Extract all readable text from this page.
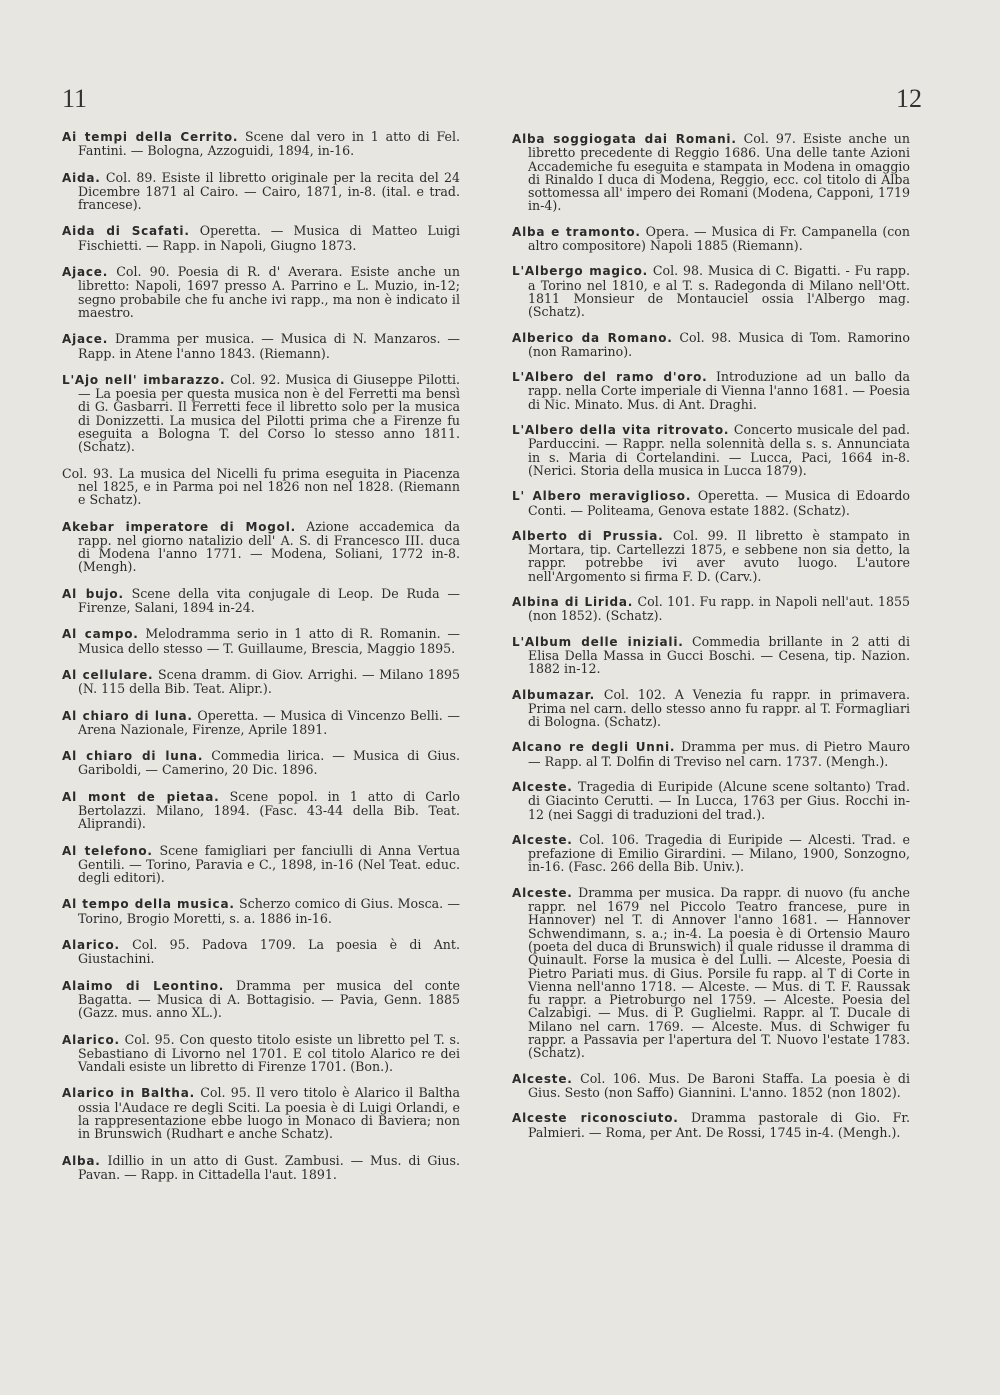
11	12

Ai tempi della Cerrito. Scene dal vero in 1 atto di Fel. Fantini. — Bologna, Azzoguidi, 1894, in-16.

Aida. Col. 89. Esiste il libretto originale per la recita del 24 Dicembre 1871 al Cairo. — Cairo, 1871, in-8. (ital. e trad. francese).

Aida di Scafati. Operetta. — Musica di Matteo Luigi Fischietti. — Rapp. in Napoli, Giugno 1873.

Ajace. Col. 90. Poesia di R. d' Averara. Esiste anche un libretto: Napoli, 1697 presso A. Parrino e L. Muzio, in-12; segno probabile che fu anche ivi rapp., ma non è indicato il maestro.

Ajace. Dramma per musica. — Musica di N. Manzaros. — Rapp. in Atene l'anno 1843. (Riemann).

L'Ajo nell' imbarazzo. Col. 92. Musica di Giuseppe Pilotti. — La poesia per questa musica non è del Ferretti ma bensì di G. Gasbarri. Il Ferretti fece il libretto solo per la musica di Donizzetti. La musica del Pilotti prima che a Firenze fu eseguita a Bologna T. del Corso lo stesso anno 1811. (Schatz).

Col. 93. La musica del Nicelli fu prima eseguita in Piacenza nel 1825, e in Parma poi nel 1826 non nel 1828. (Riemann e Schatz).

Akebar imperatore di Mogol. Azione accademica da rapp. nel giorno natalizio dell' A. S. di Francesco III. duca di Modena l'anno 1771. — Modena, Soliani, 1772 in-8. (Mengh).

Al bujo. Scene della vita conjugale di Leop. De Ruda — Firenze, Salani, 1894 in-24.

Al campo. Melodramma serio in 1 atto di R. Romanin. — Musica dello stesso — T. Guillaume, Brescia, Maggio 1895.

Al cellulare. Scena dramm. di Giov. Arrighi. — Milano 1895 (N. 115 della Bib. Teat. Alipr.).

Al chiaro di luna. Operetta. — Musica di Vincenzo Belli. — Arena Nazionale, Firenze, Aprile 1891.

Al chiaro di luna. Commedia lirica. — Musica di Gius. Gariboldi, — Camerino, 20 Dic. 1896.

Al mont de pietaa. Scene popol. in 1 atto di Carlo Bertolazzi. Milano, 1894. (Fasc. 43-44 della Bib. Teat. Aliprandi).

Al telefono. Scene famigliari per fanciulli di Anna Vertua Gentili. — Torino, Paravia e C., 1898, in-16 (Nel Teat. educ. degli editori).

Al tempo della musica. Scherzo comico di Gius. Mosca. — Torino, Brogio Moretti, s. a. 1886 in-16.

Alarico. Col. 95. Padova 1709. La poesia è di Ant. Giustachini.

Alaimo di Leontino. Dramma per musica del conte Bagatta. — Musica di A. Bottagisio. — Pavia, Genn. 1885 (Gazz. mus. anno XL.).

Alarico. Col. 95. Con questo titolo esiste un libretto pel T. s. Sebastiano di Livorno nel 1701. E col titolo Alarico re dei Vandali esiste un libretto di Firenze 1701. (Bon.).

Alarico in Baltha. Col. 95. Il vero titolo è Alarico il Baltha ossia l'Audace re degli Sciti. La poesia è di Luigi Orlandi, e la rappresentazione ebbe luogo in Monaco di Baviera; non in Brunswich (Rudhart e anche Schatz).

Alba. Idillio in un atto di Gust. Zambusi. — Mus. di Gius. Pavan. — Rapp. in Cittadella l'aut. 1891.

Alba soggiogata dai Romani. Col. 97. Esiste anche un libretto precedente di Reggio 1686. Una delle tante Azioni Accademiche fu eseguita e stampata in Modena in omaggio di Rinaldo I duca di Modena, Reggio, ecc. col titolo di Alba sottomessa all' impero dei Romani (Modena, Capponi, 1719 in-4).

Alba e tramonto. Opera. — Musica di Fr. Campanella (con altro compositore) Napoli 1885 (Riemann).

L'Albergo magico. Col. 98. Musica di C. Bigatti. - Fu rapp. a Torino nel 1810, e al T. s. Radegonda di Milano nell'Ott. 1811 Monsieur de Montauciel ossia l'Albergo mag. (Schatz).

Alberico da Romano. Col. 98. Musica di Tom. Ramorino (non Ramarino).

L'Albero del ramo d'oro. Introduzione ad un ballo da rapp. nella Corte imperiale di Vienna l'anno 1681. — Poesia di Nic. Minato. Mus. di Ant. Draghi.

L'Albero della vita ritrovato. Concerto musicale del pad. Parduccini. — Rappr. nella solennità della s. s. Annunciata in s. Maria di Cortelandini. — Lucca, Paci, 1664 in-8. (Nerici. Storia della musica in Lucca 1879).

L' Albero meraviglioso. Operetta. — Musica di Edoardo Conti. — Politeama, Genova estate 1882. (Schatz).

Alberto di Prussia. Col. 99. Il libretto è stampato in Mortara, tip. Cartellezzi 1875, e sebbene non sia detto, la rappr. potrebbe ivi aver avuto luogo. L'autore nell'Argomento si firma F. D. (Carv.).

Albina di Lirida. Col. 101. Fu rapp. in Napoli nell'aut. 1855 (non 1852). (Schatz).

L'Album delle iniziali. Commedia brillante in 2 atti di Elisa Della Massa in Gucci Boschi. — Cesena, tip. Nazion. 1882 in-12.

Albumazar. Col. 102. A Venezia fu rappr. in primavera. Prima nel carn. dello stesso anno fu rappr. al T. Formagliari di Bologna. (Schatz).

Alcano re degli Unni. Dramma per mus. di Pietro Mauro — Rapp. al T. Dolfin di Treviso nel carn. 1737. (Mengh.).

Alceste. Tragedia di Euripide (Alcune scene soltanto) Trad. di Giacinto Cerutti. — In Lucca, 1763 per Gius. Rocchi in-12 (nei Saggi di traduzioni del trad.).

Alceste. Col. 106. Tragedia di Euripide — Alcesti. Trad. e prefazione di Emilio Girardini. — Milano, 1900, Sonzogno, in-16. (Fasc. 266 della Bib. Univ.).

Alceste. Dramma per musica. Da rappr. di nuovo (fu anche rappr. nel 1679 nel Piccolo Teatro francese, pure in Hannover) nel T. di Annover l'anno 1681. — Hannover Schwendimann, s. a.; in-4. La poesia è di Ortensio Mauro (poeta del duca di Brunswich) il quale ridusse il dramma di Quinault. Forse la musica è del Lulli. — Alceste, Poesia di Pietro Pariati mus. di Gius. Porsile fu rapp. al T di Corte in Vienna nell'anno 1718. — Alceste. — Mus. di T. F. Raussak fu rappr. a Pietroburgo nel 1759. — Alceste. Poesia del Calzabigi. — Mus. di P. Guglielmi. Rappr. al T. Ducale di Milano nel carn. 1769. — Alceste. Mus. di Schwiger fu rappr. a Passavia per l'apertura del T. Nuovo l'estate 1783. (Schatz).

Alceste. Col. 106. Mus. De Baroni Staffa. La poesia è di Gius. Sesto (non Saffo) Giannini. L'anno. 1852 (non 1802).

Alceste riconosciuto. Dramma pastorale di Gio. Fr. Palmieri. — Roma, per Ant. De Rossi, 1745 in-4. (Mengh.).
